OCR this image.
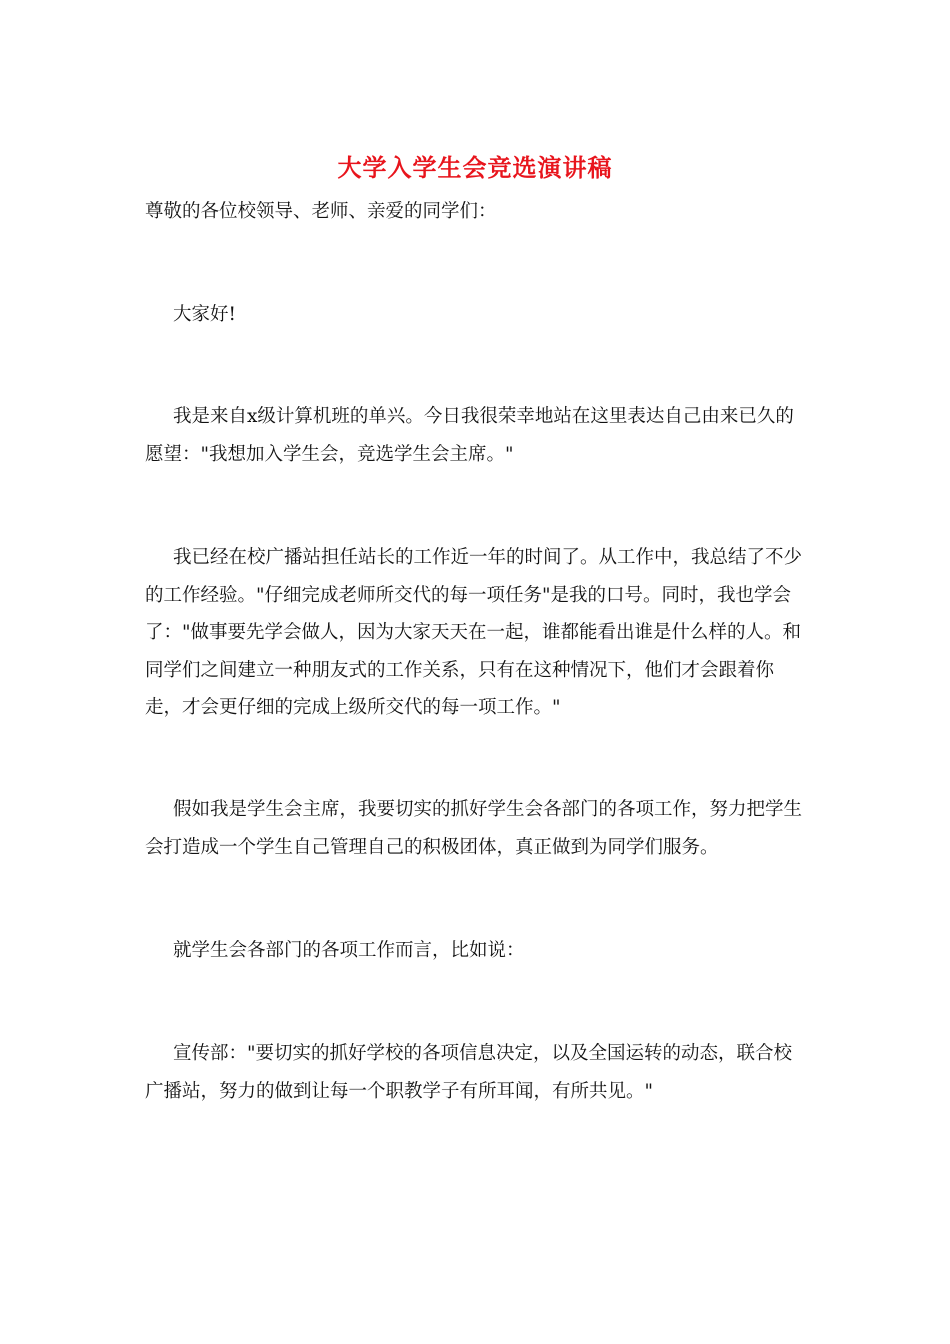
大学入学生会竞选演讲稿
尊敬的各位校领导、老师、亲爱的同学们：
大家好!
我是来自x级计算机班的单兴。今日我很荣幸地站在这里表达自己由来已久的愿望："我想加入学生会，竞选学生会主席。"
我已经在校广播站担任站长的工作近一年的时间了。从工作中，我总结了不少的工作经验。"仔细完成老师所交代的每一项任务"是我的口号。同时，我也学会了："做事要先学会做人，因为大家天天在一起，谁都能看出谁是什么样的人。和同学们之间建立一种朋友式的工作关系，只有在这种情况下，他们才会跟着你走，才会更仔细的完成上级所交代的每一项工作。"
假如我是学生会主席，我要切实的抓好学生会各部门的各项工作，努力把学生会打造成一个学生自己管理自己的积极团体，真正做到为同学们服务。
就学生会各部门的各项工作而言，比如说：
宣传部："要切实的抓好学校的各项信息决定，以及全国运转的动态，联合校广播站，努力的做到让每一个职教学子有所耳闻，有所共见。"
